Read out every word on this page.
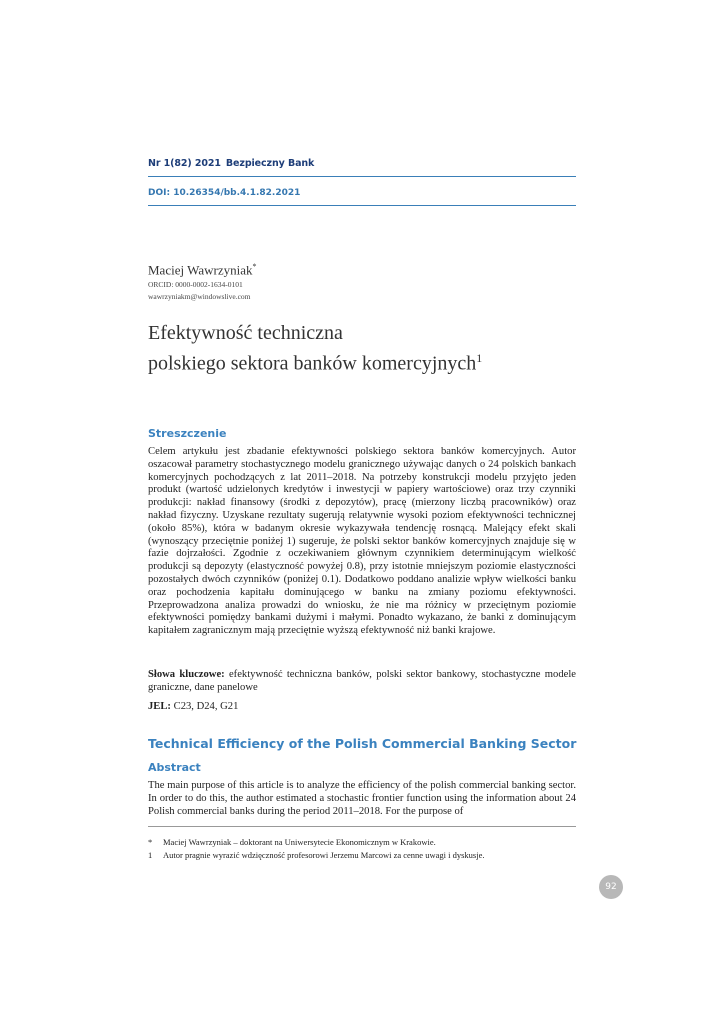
Nr 1(82) 2021 Bezpieczny Bank
DOI: 10.26354/bb.4.1.82.2021
Maciej Wawrzyniak*
ORCID: 0000-0002-1634-0101
wawrzyniakm@windowslive.com
Efektywność techniczna
polskiego sektora banków komercyjnych$^1$
Streszczenie
Celem artykułu jest zbadanie efektywności polskiego sektora banków komercyjnych. Autor oszacował parametry stochastycznego modelu granicznego używając danych o 24 polskich bankach komercyjnych pochodzących z lat 2011–2018. Na potrzeby konstrukcji modelu przyjęto jeden produkt (wartość udzielonych kredytów i inwestycji w papiery wartościowe) oraz trzy czynniki produkcji: nakład finansowy (środki z depozytów), pracę (mierzony liczbą pracowników) oraz nakład fizyczny. Uzyskane rezultaty sugerują relatywnie wysoki poziom efektywności technicznej (około 85%), która w badanym okresie wykazywała tendencję rosnącą. Malejący efekt skali (wynoszący przeciętnie poniżej 1) sugeruje, że polski sektor banków komercyjnych znajduje się w fazie dojrzałości. Zgodnie z oczekiwaniem głównym czynnikiem determinującym wielkość produkcji są depozyty (elastyczność powyżej 0.8), przy istotnie mniejszym poziomie elastyczności pozostałych dwóch czynników (poniżej 0.1). Dodatkowo poddano analizie wpływ wielkości banku oraz pochodzenia kapitału dominującego w banku na zmiany poziomu efektywności. Przeprowadzona analiza prowadzi do wniosku, że nie ma różnicy w przeciętnym poziomie efektywności pomiędzy bankami dużymi i małymi. Ponadto wykazano, że banki z dominującym kapitałem zagranicznym mają przeciętnie wyższą efektywność niż banki krajowe.
Słowa kluczowe: efektywność techniczna banków, polski sektor bankowy, stochastyczne modele graniczne, dane panelowe
JEL: C23, D24, G21
Technical Efficiency of the Polish Commercial Banking Sector
Abstract
The main purpose of this article is to analyze the efficiency of the polish commercial banking sector. In order to do this, the author estimated a stochastic frontier function using the information about 24 Polish commercial banks during the period 2011–2018. For the purpose of
* Maciej Wawrzyniak – doktorant na Uniwersytecie Ekonomicznym w Krakowie.
1 Autor pragnie wyrazić wdzięczność profesorowi Jerzemu Marcowi za cenne uwagi i dyskusje.
92
